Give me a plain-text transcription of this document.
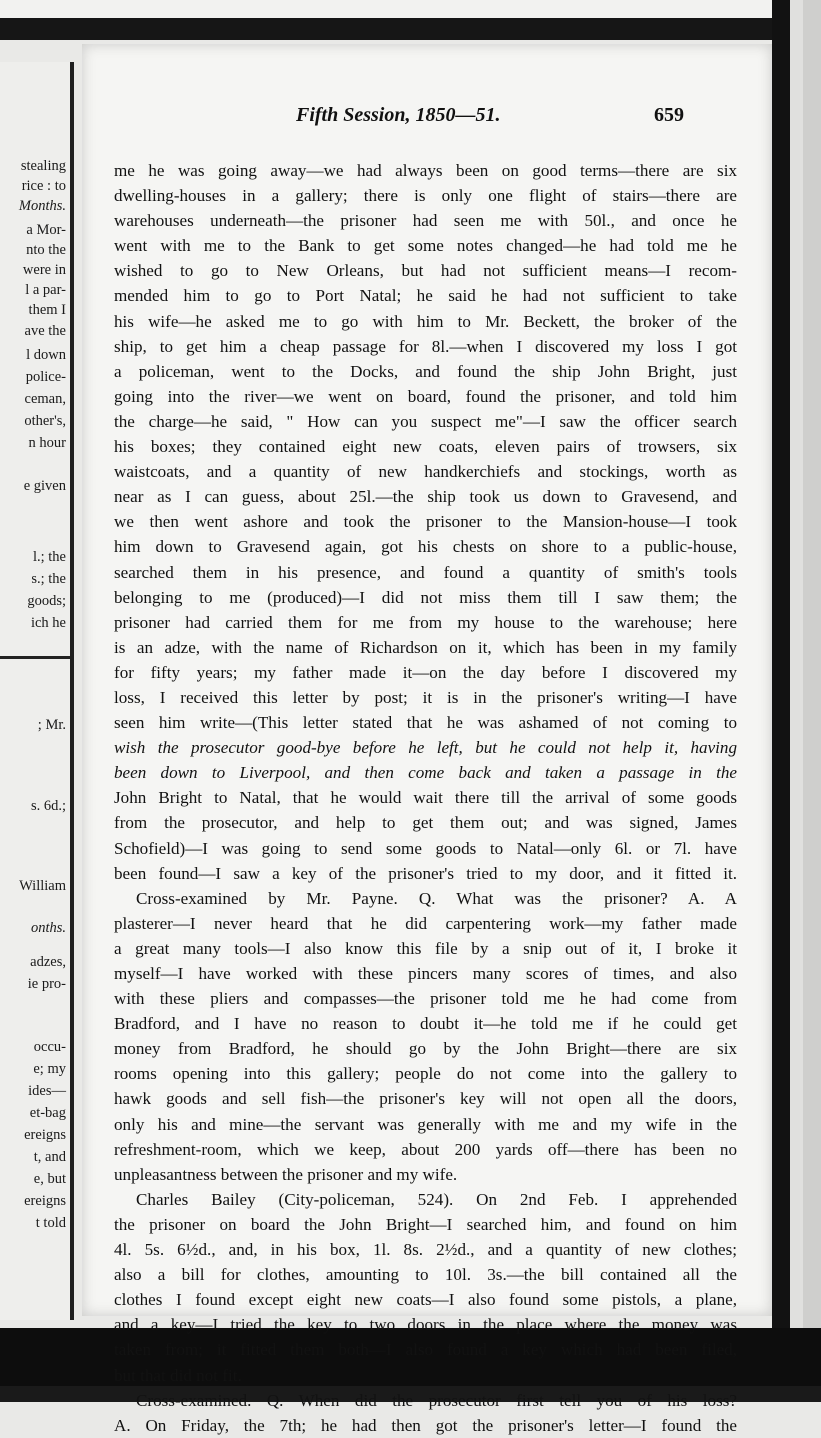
stealing
rice : to
Months.
a Mor-
nto the
were in
l a par-
them I
ave the
l down
police-
ceman,
other's,
n hour
e given
l.; the
s.; the
goods;
ich he
; Mr.
s. 6d.;
William
onths.
adzes,
ie pro-
occu-
e; my
ides—
et-bag
ereigns
t, and
e, but
ereigns
t told
Fifth Session, 1850—51.	659
me he was going away—we had always been on good terms—there are six
dwelling-houses in a gallery; there is only one flight of stairs—there are
warehouses underneath—the prisoner had seen me with 50l., and once he
went with me to the Bank to get some notes changed—he had told me he
wished to go to New Orleans, but had not sufficient means—I recom-
mended him to go to Port Natal; he said he had not sufficient to take
his wife—he asked me to go with him to Mr. Beckett, the broker of the
ship, to get him a cheap passage for 8l.—when I discovered my loss I got
a policeman, went to the Docks, and found the ship John Bright, just
going into the river—we went on board, found the prisoner, and told him
the charge—he said, " How can you suspect me"—I saw the officer search
his boxes; they contained eight new coats, eleven pairs of trowsers, six
waistcoats, and a quantity of new handkerchiefs and stockings, worth as
near as I can guess, about 25l.—the ship took us down to Gravesend, and
we then went ashore and took the prisoner to the Mansion-house—I took
him down to Gravesend again, got his chests on shore to a public-house,
searched them in his presence, and found a quantity of smith's tools
belonging to me (produced)—I did not miss them till I saw them; the
prisoner had carried them for me from my house to the warehouse; here
is an adze, with the name of Richardson on it, which has been in my family
for fifty years; my father made it—on the day before I discovered my
loss, I received this letter by post; it is in the prisoner's writing—I have
seen him write—(This letter stated that he was ashamed of not coming to
wish the prosecutor good-bye before he left, but he could not help it, having
been down to Liverpool, and then come back and taken a passage in the
John Bright to Natal, that he would wait there till the arrival of some goods
from the prosecutor, and help to get them out; and was signed, James
Schofield)—I was going to send some goods to Natal—only 6l. or 7l. have
been found—I saw a key of the prisoner's tried to my door, and it fitted it.
Cross-examined by Mr. Payne. Q. What was the prisoner? A. A
plasterer—I never heard that he did carpentering work—my father made
a great many tools—I also know this file by a snip out of it, I broke it
myself—I have worked with these pincers many scores of times, and also
with these pliers and compasses—the prisoner told me he had come from
Bradford, and I have no reason to doubt it—he told me if he could get
money from Bradford, he should go by the John Bright—there are six
rooms opening into this gallery; people do not come into the gallery to
hawk goods and sell fish—the prisoner's key will not open all the doors,
only his and mine—the servant was generally with me and my wife in the
refreshment-room, which we keep, about 200 yards off—there has been no
unpleasantness between the prisoner and my wife.
Charles Bailey (City-policeman, 524). On 2nd Feb. I apprehended
the prisoner on board the John Bright—I searched him, and found on him
4l. 5s. 6½d., and, in his box, 1l. 8s. 2½d., and a quantity of new clothes;
also a bill for clothes, amounting to 10l. 3s.—the bill contained all the
clothes I found except eight new coats—I also found some pistols, a plane,
and a key—I tried the key to two doors in the place where the money was
taken from; it fitted them both—I also found a key which had been filed,
but that did not fit.
Cross-examined. Q. When did the prosecutor first tell you of his loss?
A. On Friday, the 7th; he had then got the prisoner's letter—I found the
